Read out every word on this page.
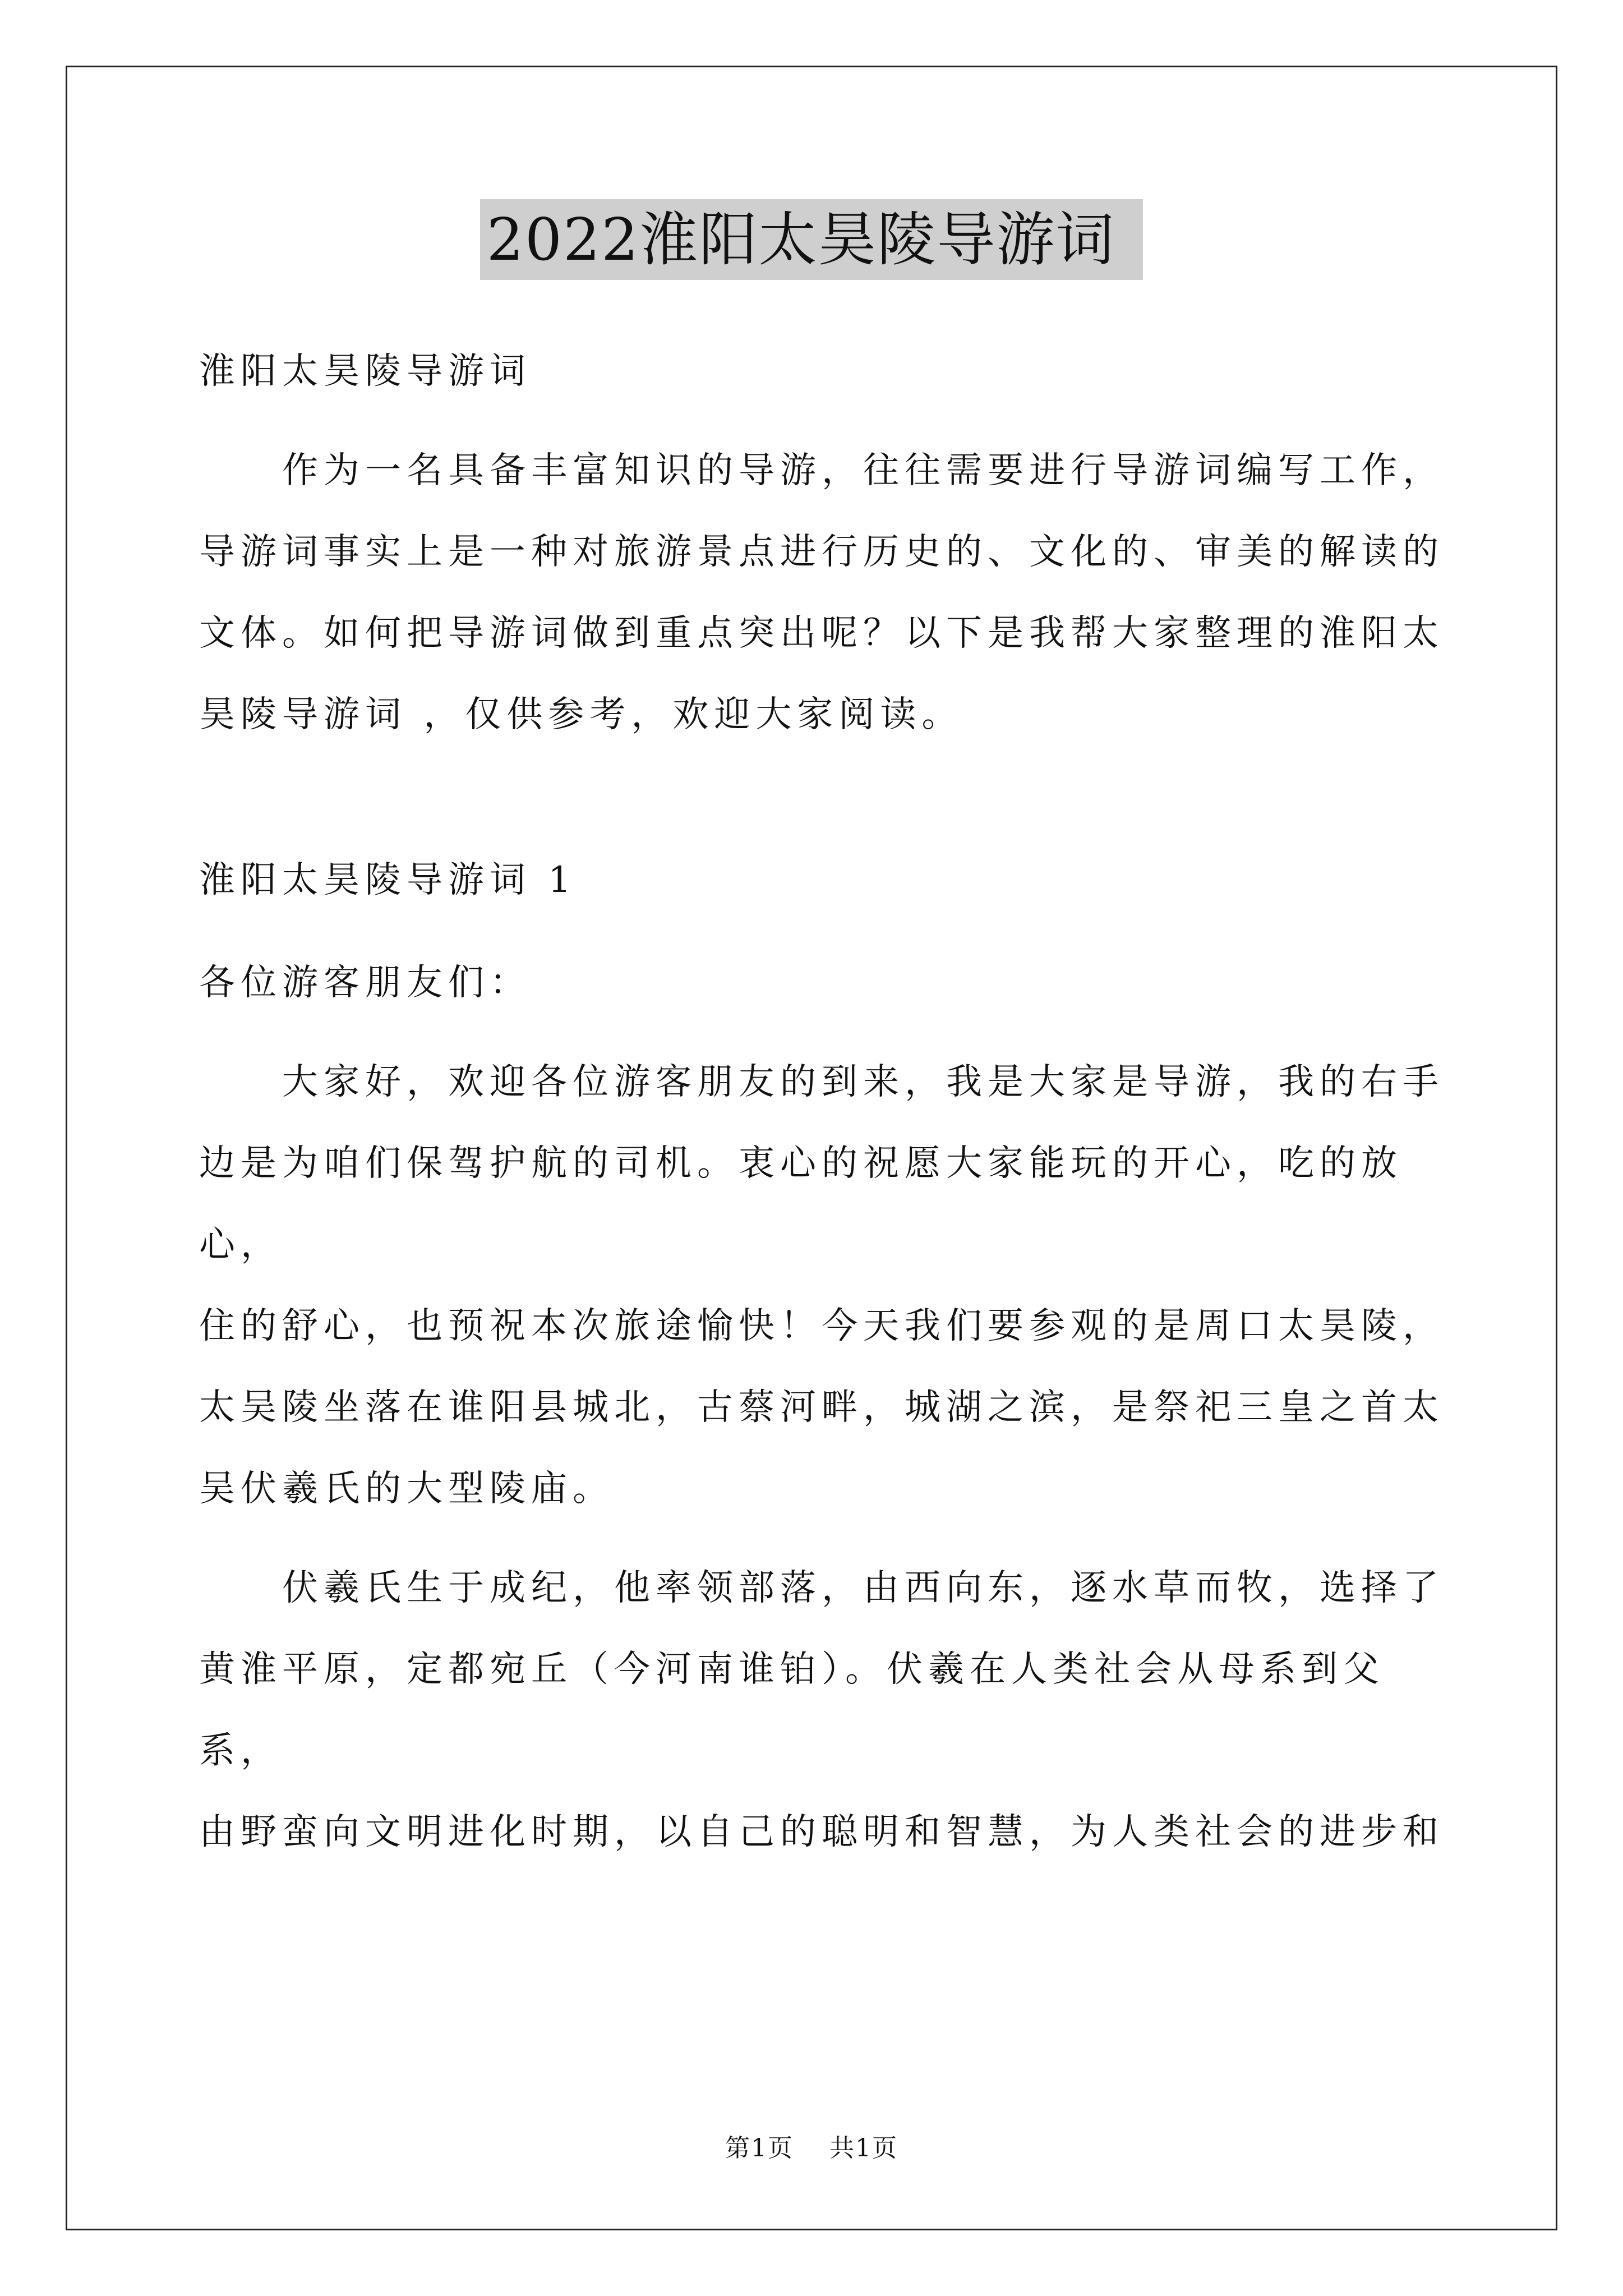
2022淮阳太昊陵导游词

淮阳太昊陵导游词

作为一名具备丰富知识的导游，往往需要进行导游词编写工作，

导游词事实上是一种对旅游景点进行历史的、文化的、审美的解读的

文体。如何把导游词做到重点突出呢？以下是我帮大家整理的淮阳太

昊陵导游词 ，仅供参考，欢迎大家阅读。

淮阳太昊陵导游词 1

各位游客朋友们：

大家好，欢迎各位游客朋友的到来，我是大家是导游，我的右手

边是为咱们保驾护航的司机。衷心的祝愿大家能玩的开心，吃的放心，

住的舒心，也预祝本次旅途愉快！今天我们要参观的是周口太昊陵，

太吴陵坐落在谁阳县城北，古蔡河畔，城湖之滨，是祭祀三皇之首太

吴伏羲氏的大型陵庙。

伏羲氏生于成纪，他率领部落，由西向东，逐水草而牧，选择了

黄淮平原，定都宛丘（今河南谁铂）。伏羲在人类社会从母系到父系，

由野蛮向文明进化时期，以自己的聪明和智慧，为人类社会的进步和

第1页 共1页
